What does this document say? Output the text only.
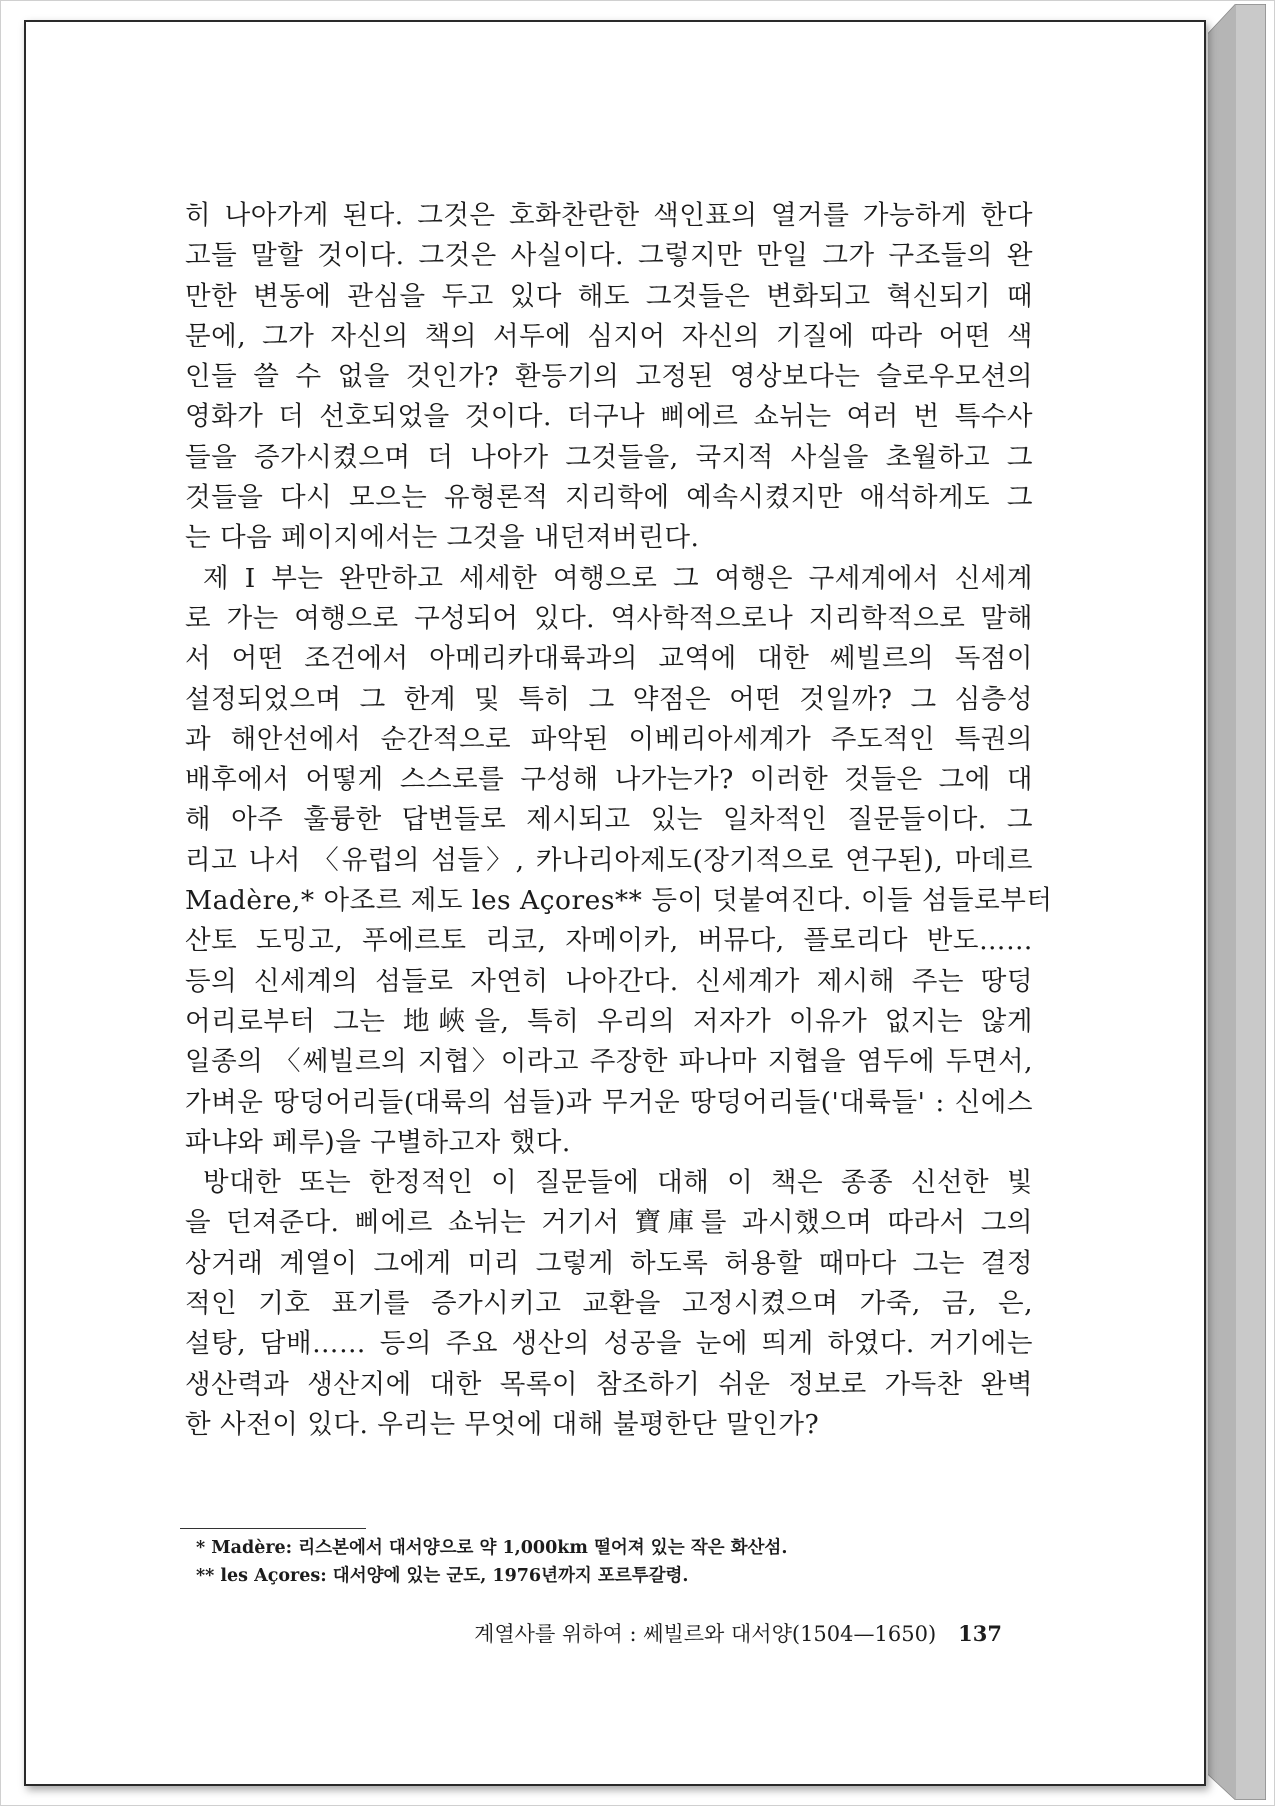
히 나아가게 된다. 그것은 호화찬란한 색인표의 열거를 가능하게 한다
고들 말할 것이다. 그것은 사실이다. 그렇지만 만일 그가 구조들의 완
만한 변동에 관심을 두고 있다 해도 그것들은 변화되고 혁신되기 때
문에, 그가 자신의 책의 서두에 심지어 자신의 기질에 따라 어떤 색
인들 쓸 수 없을 것인가? 환등기의 고정된 영상보다는 슬로우모션의
영화가 더 선호되었을 것이다. 더구나 삐에르 쇼뉘는 여러 번 특수사
들을 증가시켰으며 더 나아가 그것들을, 국지적 사실을 초월하고 그
것들을 다시 모으는 유형론적 지리학에 예속시켰지만 애석하게도 그
는 다음 페이지에서는 그것을 내던져버린다.
제 I 부는 완만하고 세세한 여행으로 그 여행은 구세계에서 신세계
로 가는 여행으로 구성되어 있다. 역사학적으로나 지리학적으로 말해
서 어떤 조건에서 아메리카대륙과의 교역에 대한 쎄빌르의 독점이
설정되었으며 그 한계 및 특히 그 약점은 어떤 것일까? 그 심층성
과 해안선에서 순간적으로 파악된 이베리아세계가 주도적인 특권의
배후에서 어떻게 스스로를 구성해 나가는가? 이러한 것들은 그에 대
해 아주 훌륭한 답변들로 제시되고 있는 일차적인 질문들이다. 그
리고 나서 〈유럽의 섬들〉, 카나리아제도(장기적으로 연구된), 마데르
Madère,* 아조르 제도 les Açores** 등이 덧붙여진다. 이들 섬들로부터
산토 도밍고, 푸에르토 리코, 자메이카, 버뮤다, 플로리다 반도……
등의 신세계의 섬들로 자연히 나아간다. 신세계가 제시해 주는 땅덩
어리로부터 그는 地峽을, 특히 우리의 저자가 이유가 없지는 않게
일종의 〈쎄빌르의 지협〉이라고 주장한 파나마 지협을 염두에 두면서,
가벼운 땅덩어리들(대륙의 섬들)과 무거운 땅덩어리들('대륙들' : 신에스
파냐와 페루)을 구별하고자 했다.
방대한 또는 한정적인 이 질문들에 대해 이 책은 종종 신선한 빛
을 던져준다. 삐에르 쇼뉘는 거기서 寶庫를 과시했으며 따라서 그의
상거래 계열이 그에게 미리 그렇게 하도록 허용할 때마다 그는 결정
적인 기호 표기를 증가시키고 교환을 고정시켰으며 가죽, 금, 은,
설탕, 담배…… 등의 주요 생산의 성공을 눈에 띄게 하였다. 거기에는
생산력과 생산지에 대한 목록이 참조하기 쉬운 정보로 가득찬 완벽
한 사전이 있다. 우리는 무엇에 대해 불평한단 말인가?
* Madère: 리스본에서 대서양으로 약 1,000km 떨어져 있는 작은 화산섬.
** les Açores: 대서양에 있는 군도, 1976년까지 포르투갈령.
계열사를 위하여 : 쎄빌르와 대서양(1504—1650) 137
